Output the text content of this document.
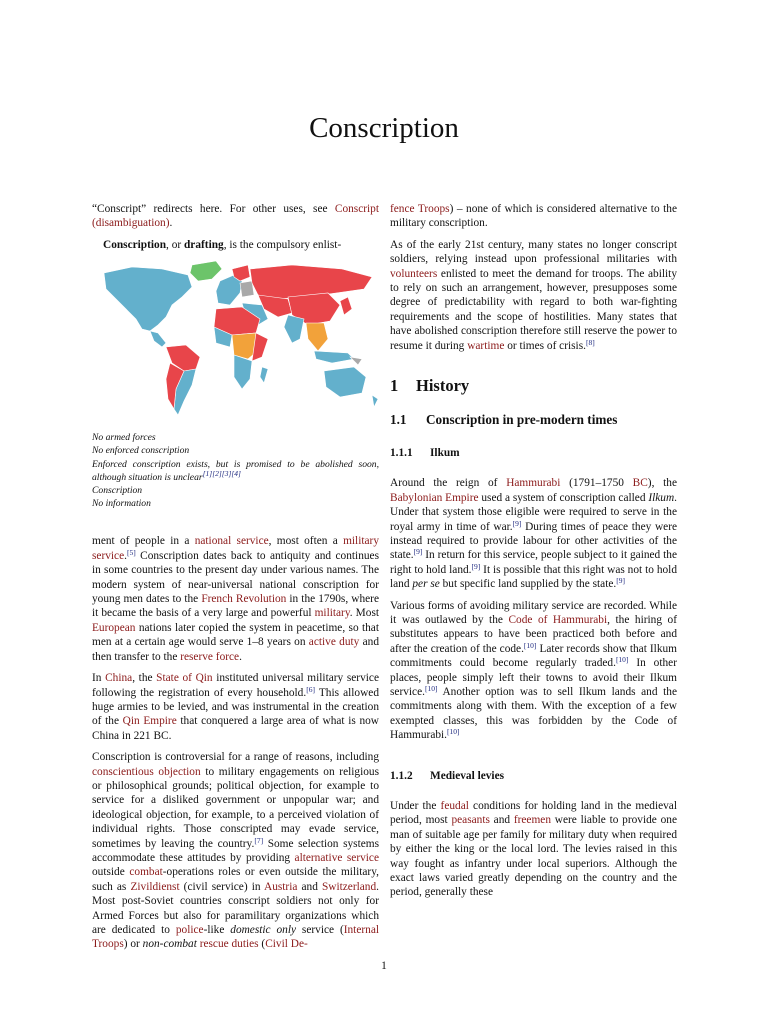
Conscription

“Conscript” redirects here. For other uses, see Conscript (disambiguation).

Conscription, or drafting, is the compulsory enlist-

No armed forces
No enforced conscription
Enforced conscription exists, but is promised to be abolished soon, although situation is unclear[1][2][3][4]
Conscription
No information

ment of people in a national service, most often a military service.[5] Conscription dates back to antiquity and continues in some countries to the present day under various names. The modern system of near-universal national conscription for young men dates to the French Revolution in the 1790s, where it became the basis of a very large and powerful military. Most European nations later copied the system in peacetime, so that men at a certain age would serve 1–8 years on active duty and then transfer to the reserve force.

In China, the State of Qin instituted universal military service following the registration of every household.[6] This allowed huge armies to be levied, and was instrumental in the creation of the Qin Empire that conquered a large area of what is now China in 221 BC.

Conscription is controversial for a range of reasons, including conscientious objection to military engagements on religious or philosophical grounds; political objection, for example to service for a disliked government or unpopular war; and ideological objection, for example, to a perceived violation of individual rights. Those conscripted may evade service, sometimes by leaving the country.[7] Some selection systems accommodate these attitudes by providing alternative service outside combat-operations roles or even outside the military, such as Zivildienst (civil service) in Austria and Switzerland. Most post-Soviet countries conscript soldiers not only for Armed Forces but also for paramilitary organizations which are dedicated to police-like domestic only service (Internal Troops) or non-combat rescue duties (Civil De-

fence Troops) – none of which is considered alternative to the military conscription.

As of the early 21st century, many states no longer conscript soldiers, relying instead upon professional militaries with volunteers enlisted to meet the demand for troops. The ability to rely on such an arrangement, however, presupposes some degree of predictability with regard to both war-fighting requirements and the scope of hostilities. Many states that have abolished conscription therefore still reserve the power to resume it during wartime or times of crisis.[8]

1 History
1.1 Conscription in pre-modern times
1.1.1 Ilkum

Around the reign of Hammurabi (1791–1750 BC), the Babylonian Empire used a system of conscription called Ilkum. Under that system those eligible were required to serve in the royal army in time of war.[9] During times of peace they were instead required to provide labour for other activities of the state.[9] In return for this service, people subject to it gained the right to hold land.[9] It is possible that this right was not to hold land per se but specific land supplied by the state.[9]

Various forms of avoiding military service are recorded. While it was outlawed by the Code of Hammurabi, the hiring of substitutes appears to have been practiced both before and after the creation of the code.[10] Later records show that Ilkum commitments could become regularly traded.[10] In other places, people simply left their towns to avoid their Ilkum service.[10] Another option was to sell Ilkum lands and the commitments along with them. With the exception of a few exempted classes, this was forbidden by the Code of Hammurabi.[10]

1.1.2 Medieval levies

Under the feudal conditions for holding land in the medieval period, most peasants and freemen were liable to provide one man of suitable age per family for military duty when required by either the king or the local lord. The levies raised in this way fought as infantry under local superiors. Although the exact laws varied greatly depending on the country and the period, generally these

1
